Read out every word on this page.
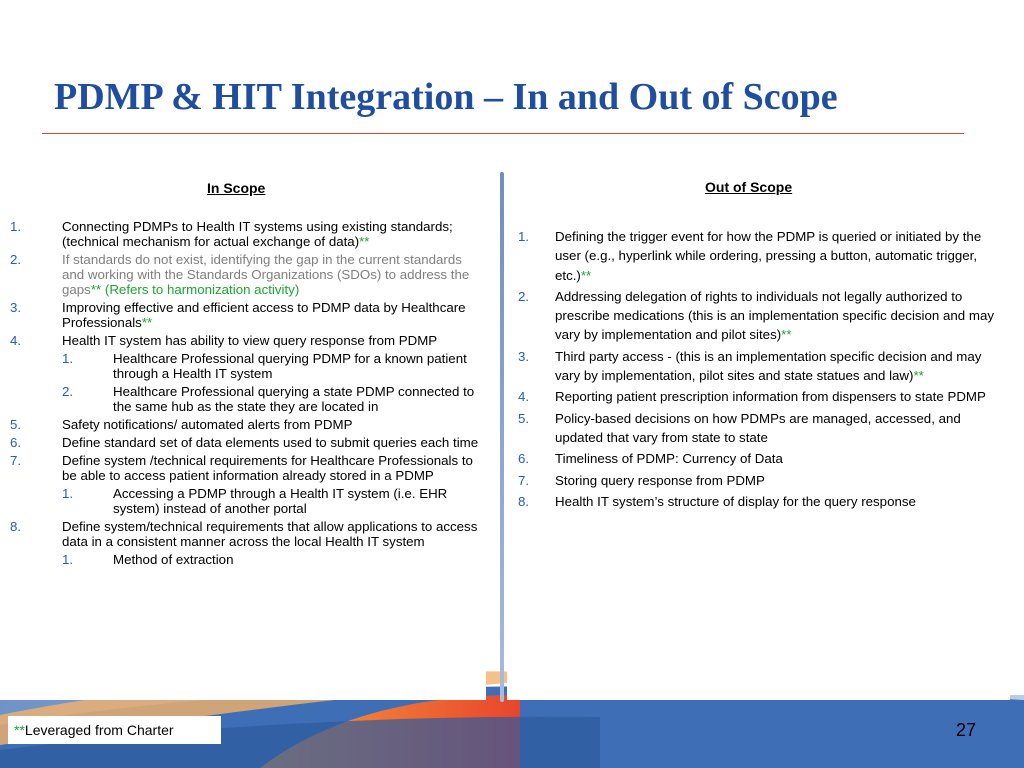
PDMP & HIT Integration – In and Out of Scope
In Scope
1.	Connecting PDMPs to Health IT systems using existing standards; (technical mechanism for actual exchange of data)**
2.	If standards do not exist, identifying the gap in the current standards and working with the Standards Organizations (SDOs) to address the gaps** (Refers to harmonization activity)
3.	Improving effective and efficient access to PDMP data by Healthcare Professionals**
4.	Health IT system has ability to view query response from PDMP
1.	Healthcare Professional querying PDMP for a known patient through a Health IT system
2.	Healthcare Professional querying a state PDMP connected to the same hub as the state they are located in
5.	Safety notifications/ automated alerts from PDMP
6.	Define standard set of data elements used to submit queries each time
7.	Define system /technical requirements for Healthcare Professionals to be able to access patient information already stored in a PDMP
1.	Accessing a PDMP through a Health IT system (i.e. EHR system) instead of another portal
8.	Define system/technical requirements that allow applications to access data in a consistent manner across the local Health IT system
1.	Method of extraction
Out of Scope
1. Defining the trigger event for how the PDMP is queried or initiated by the user (e.g., hyperlink while ordering, pressing a button, automatic trigger, etc.)**
2. Addressing delegation of rights to individuals not legally authorized to prescribe medications (this is an implementation specific decision and may vary by implementation and pilot sites)**
3. Third party access - (this is an implementation specific decision and may vary by implementation, pilot sites and state statues and law)**
4. Reporting patient prescription information from dispensers to state PDMP
5. Policy-based decisions on how PDMPs are managed, accessed, and updated that vary from state to state
6. Timeliness of PDMP: Currency of Data
7. Storing query response from PDMP
8. Health IT system’s structure of display for the query response
**Leveraged from Charter	27
